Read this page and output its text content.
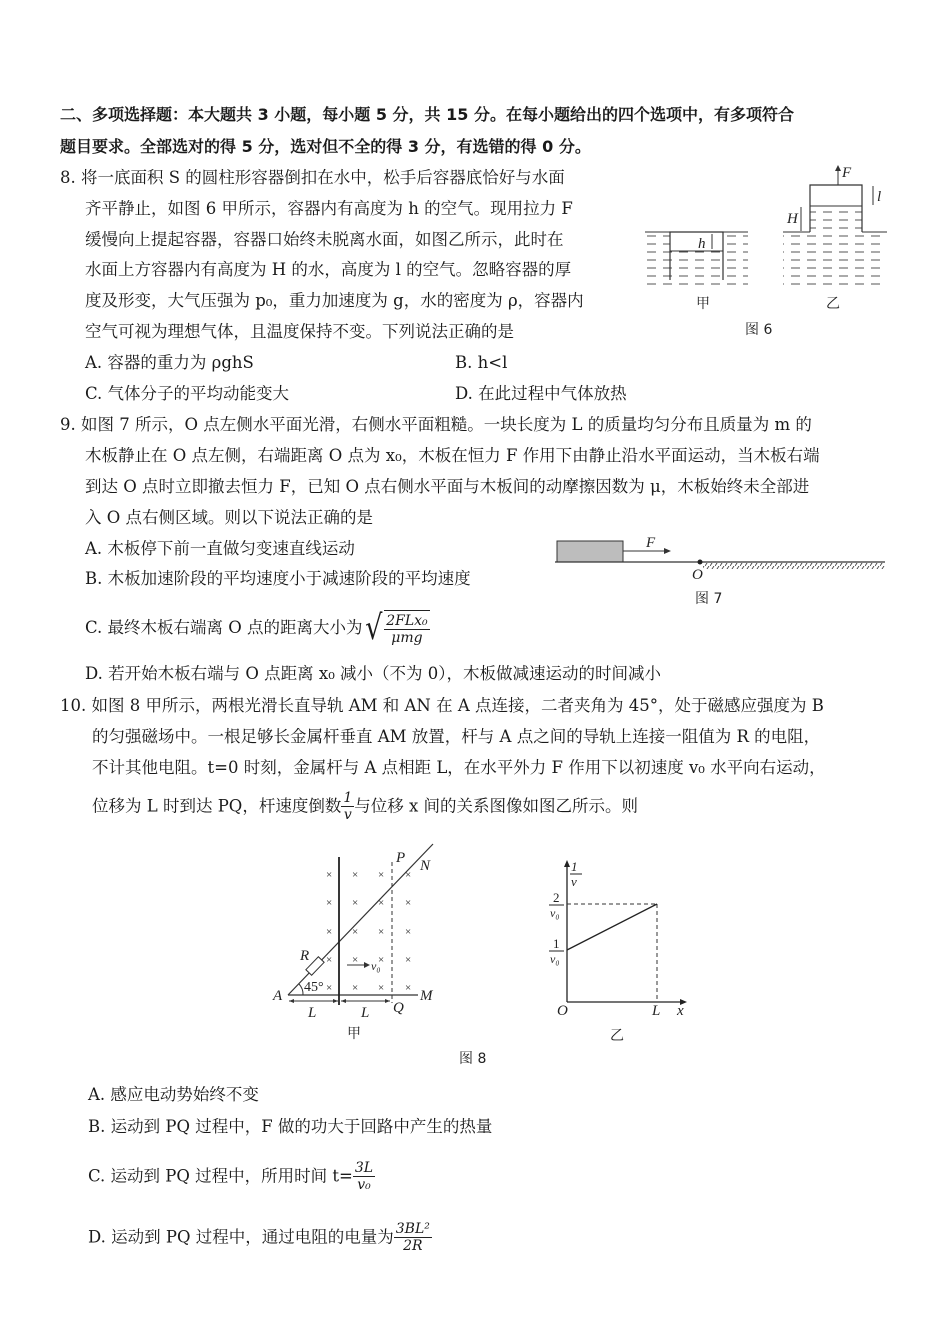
二、多项选择题：本大题共 3 小题，每小题 5 分，共 15 分。在每小题给出的四个选项中，有多项符合
题目要求。全部选对的得 5 分，选对但不全的得 3 分，有选错的得 0 分。
8. 将一底面积 S 的圆柱形容器倒扣在水中，松手后容器底恰好与水面
齐平静止，如图 6 甲所示，容器内有高度为 h 的空气。现用拉力 F
缓慢向上提起容器，容器口始终未脱离水面，如图乙所示，此时在
水面上方容器内有高度为 H 的水，高度为 l 的空气。忽略容器的厚
度及形变，大气压强为 p₀，重力加速度为 g，水的密度为 ρ，容器内
空气可视为理想气体，且温度保持不变。下列说法正确的是
A. 容器的重力为 ρghS	B. h<l
C. 气体分子的平均动能变大	D. 在此过程中气体放热
h
甲
F
l
H
乙
图 6
9. 如图 7 所示，O 点左侧水平面光滑，右侧水平面粗糙。一块长度为 L 的质量均匀分布且质量为 m 的
木板静止在 O 点左侧，右端距离 O 点为 x₀，木板在恒力 F 作用下由静止沿水平面运动，当木板右端
到达 O 点时立即撤去恒力 F，已知 O 点右侧水平面与木板间的动摩擦因数为 μ，木板始终未全部进
入 O 点右侧区域。则以下说法正确的是
A. 木板停下前一直做匀变速直线运动
B. 木板加速阶段的平均速度小于减速阶段的平均速度
C. 最终木板右端离 O 点的距离大小为 √ $\frac{\text{2FLx₀}}{\text{μmg}}$
D. 若开始木板右端与 O 点距离 x₀ 减小（不为 0），木板做减速运动的时间减小
F
O
图 7
10. 如图 8 甲所示，两根光滑长直导轨 AM 和 AN 在 A 点连接，二者夹角为 45°，处于磁感应强度为 B
的匀强磁场中。一根足够长金属杆垂直 AM 放置，杆与 A 点之间的导轨上连接一阻值为 R 的电阻，
不计其他电阻。t=0 时刻，金属杆与 A 点相距 L，在水平外力 F 作用下以初速度 v₀ 水平向右运动，
位移为 L 时到达 PQ，杆速度倒数 $\frac{1}{v}$ 与位移 x 间的关系图像如图乙所示。则
× × × ×
× × × ×
× × × ×
× × × ×
× × × ×
v₀
45°
R
A	M
P N
Q
L	L
甲
1
v
2
v₀
1
v₀
O	L x
乙
图 8
A. 感应电动势始终不变
B. 运动到 PQ 过程中，F 做的功大于回路中产生的热量
C. 运动到 PQ 过程中，所用时间 $t= \frac{3L}{\text{v₀}}$
D. 运动到 PQ 过程中，通过电阻的电量为 $\frac{\text{3BL²}}{2R}$
